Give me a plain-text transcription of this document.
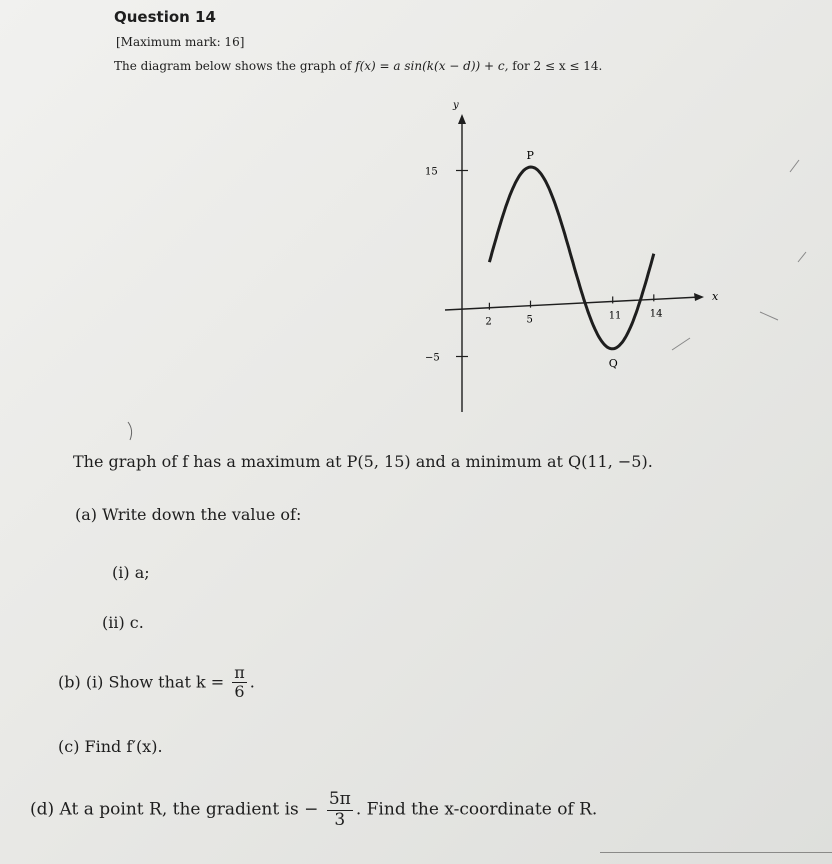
Question 14
[Maximum mark: 16]
The diagram below shows the graph of f(x) = a sin(k(x − d)) + c, for 2 ≤ x ≤ 14.
y
x
15
−5
2	5	11	14
P
Q
The graph of f has a maximum at P(5, 15) and a minimum at Q(11, −5).
(a) Write down the value of:
(i) a;
(ii) c.
(b) (i) Show that $k = \frac{\pi}{6}$ .
(c) Find f′(x).
(d) At a point R, the gradient is − $\frac{5\pi}{3}$ . Find the x-coordinate of R.
